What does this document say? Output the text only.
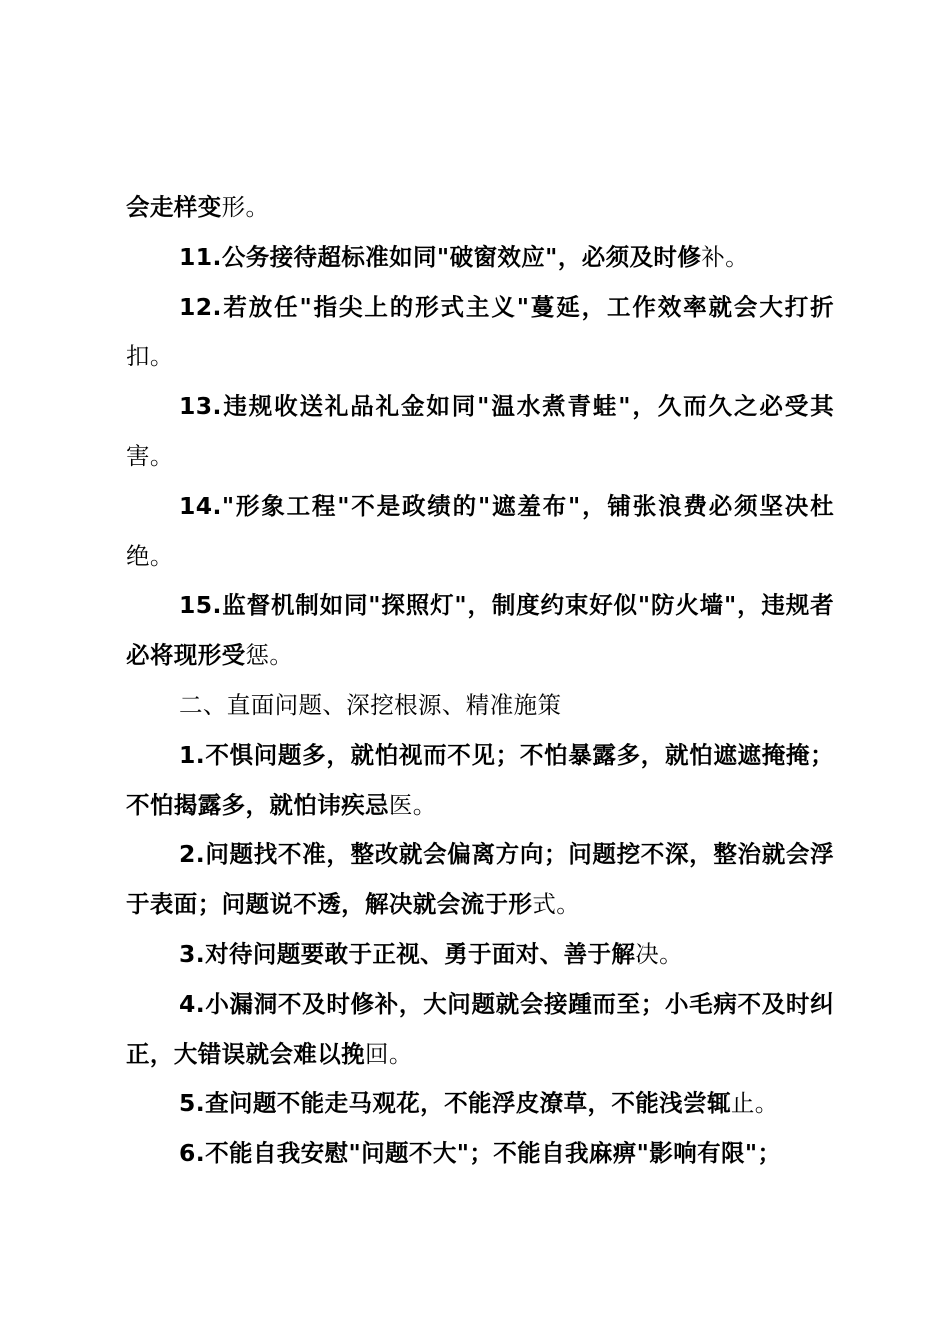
会走样变形。

11.公务接待超标准如同"破窗效应"，必须及时修补。

12.若放任"指尖上的形式主义"蔓延，工作效率就会大打折扣。

13.违规收送礼品礼金如同"温水煮青蛙"，久而久之必受其害。

14."形象工程"不是政绩的"遮羞布"，铺张浪费必须坚决杜绝。

15.监督机制如同"探照灯"，制度约束好似"防火墙"，违规者必将现形受惩。

二、直面问题、深挖根源、精准施策

1.不惧问题多，就怕视而不见；不怕暴露多，就怕遮遮掩掩；不怕揭露多，就怕讳疾忌医。

2.问题找不准，整改就会偏离方向；问题挖不深，整治就会浮于表面；问题说不透，解决就会流于形式。

3.对待问题要敢于正视、勇于面对、善于解决。

4.小漏洞不及时修补，大问题就会接踵而至；小毛病不及时纠正，大错误就会难以挽回。

5.查问题不能走马观花，不能浮皮潦草，不能浅尝辄止。

6.不能自我安慰"问题不大"；不能自我麻痹"影响有限"；
